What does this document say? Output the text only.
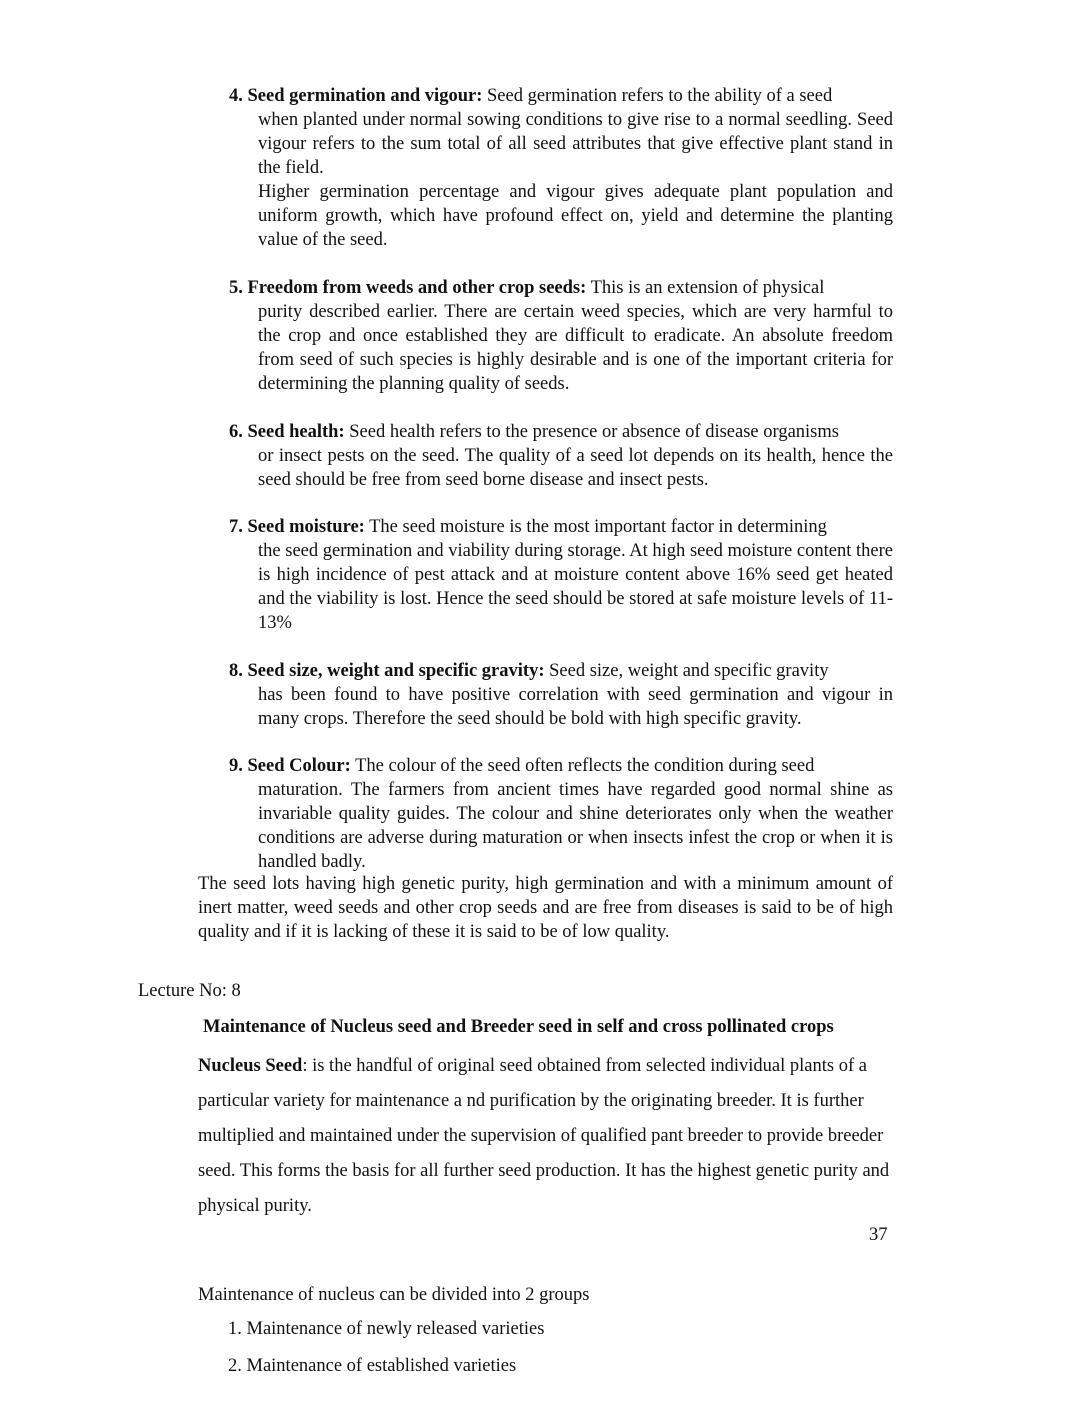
4. Seed germination and vigour: Seed germination refers to the ability of a seed
when planted under normal sowing conditions to give rise to a normal seedling. Seed vigour refers to the sum total of all seed attributes that give effective plant stand in the field.
Higher germination percentage and vigour gives adequate plant population and uniform growth, which have profound effect on, yield and determine the planting value of the seed.
5. Freedom from weeds and other crop seeds: This is an extension of physical
purity described earlier. There are certain weed species, which are very harmful to the crop and once established they are difficult to eradicate. An absolute freedom from seed of such species is highly desirable and is one of the important criteria for determining the planning quality of seeds.
6. Seed health: Seed health refers to the presence or absence of disease organisms
or insect pests on the seed. The quality of a seed lot depends on its health, hence the seed should be free from seed borne disease and insect pests.
7. Seed moisture: The seed moisture is the most important factor in determining
the seed germination and viability during storage. At high seed moisture content there is high incidence of pest attack and at moisture content above 16% seed get heated and the viability is lost. Hence the seed should be stored at safe moisture levels of 11-13%
8. Seed size, weight and specific gravity: Seed size, weight and specific gravity
has been found to have positive correlation with seed germination and vigour in many crops. Therefore the seed should be bold with high specific gravity.
9. Seed Colour: The colour of the seed often reflects the condition during seed
maturation. The farmers from ancient times have regarded good normal shine as invariable quality guides. The colour and shine deteriorates only when the weather conditions are adverse during maturation or when insects infest the crop or when it is handled badly.
The seed lots having high genetic purity, high germination and with a minimum amount of inert matter, weed seeds and other crop seeds and are free from diseases is said to be of high quality and if it is lacking of these it is said to be of low quality.
Lecture No: 8
Maintenance of Nucleus seed and Breeder seed in self and cross pollinated crops
Nucleus Seed: is the handful of original seed obtained from selected individual plants of a particular variety for maintenance a nd purification by the originating breeder. It is further multiplied and maintained under the supervision of qualified pant breeder to provide breeder seed. This forms the basis for all further seed production. It has the highest genetic purity and physical purity.
37
Maintenance of nucleus can be divided into 2 groups
1. Maintenance of newly released varieties
2. Maintenance of established varieties
